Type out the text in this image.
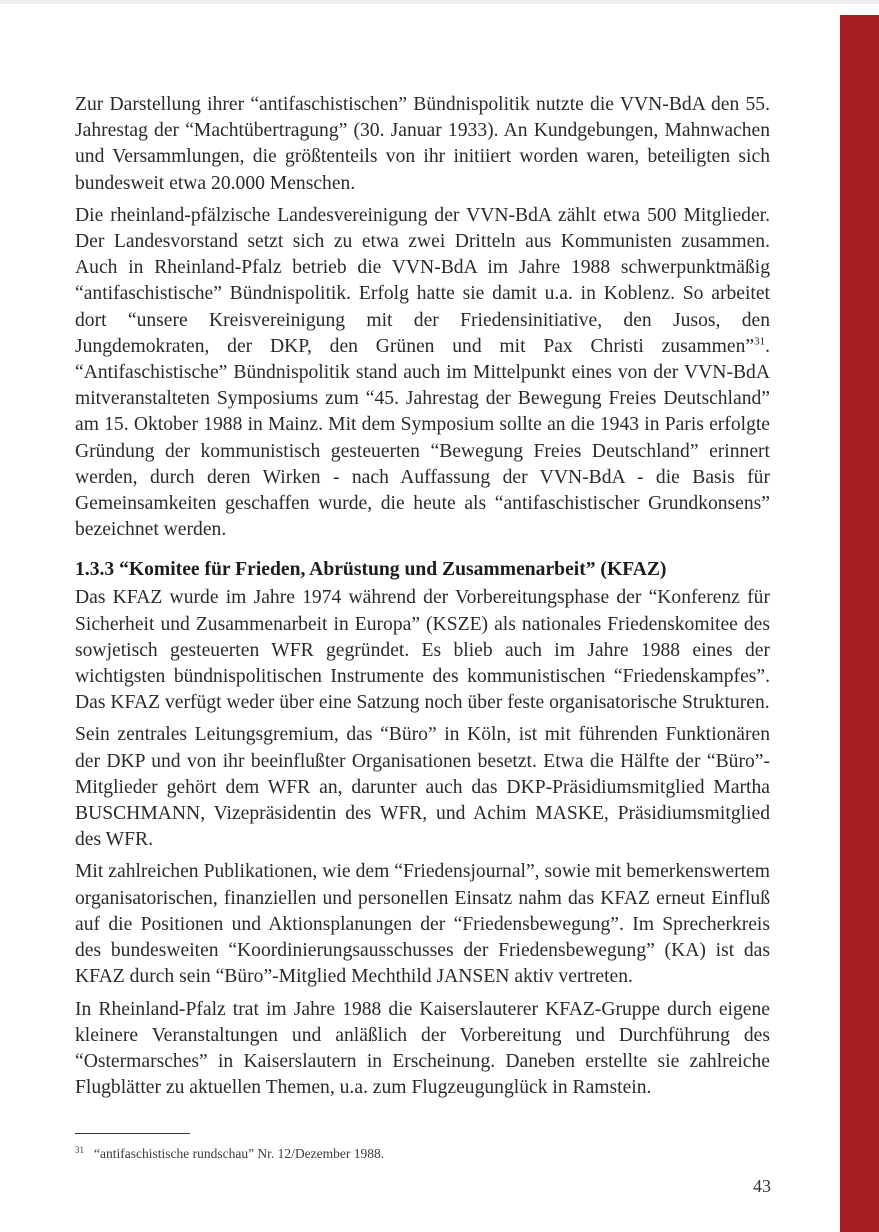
Zur Darstellung ihrer “antifaschistischen” Bündnispolitik nutzte die VVN-BdA den 55. Jahrestag der “Machtübertragung” (30. Januar 1933). An Kundgebungen, Mahnwachen und Versammlungen, die größtenteils von ihr initiiert worden waren, beteiligten sich bundesweit etwa 20.000 Menschen.

Die rheinland-pfälzische Landesvereinigung der VVN-BdA zählt etwa 500 Mitglieder. Der Landesvorstand setzt sich zu etwa zwei Dritteln aus Kommunisten zusammen. Auch in Rheinland-Pfalz betrieb die VVN-BdA im Jahre 1988 schwerpunktmäßig “antifaschistische” Bündnispolitik. Erfolg hatte sie damit u.a. in Koblenz. So arbeitet dort “unsere Kreisvereinigung mit der Friedensinitiative, den Jusos, den Jungdemokraten, der DKP, den Grünen und mit Pax Christi zusammen”$^{31}$. “Antifaschistische” Bündnispolitik stand auch im Mittelpunkt eines von der VVN-BdA mitveranstalteten Symposiums zum “45. Jahrestag der Bewegung Freies Deutschland” am 15. Oktober 1988 in Mainz. Mit dem Symposium sollte an die 1943 in Paris erfolgte Gründung der kommunistisch gesteuerten “Bewegung Freies Deutschland” erinnert werden, durch deren Wirken - nach Auffassung der VVN-BdA - die Basis für Gemeinsamkeiten geschaffen wurde, die heute als “antifaschistischer Grundkonsens” bezeichnet werden.

1.3.3 “Komitee für Frieden, Abrüstung und Zusammenarbeit” (KFAZ)

Das KFAZ wurde im Jahre 1974 während der Vorbereitungsphase der “Konferenz für Sicherheit und Zusammenarbeit in Europa” (KSZE) als nationales Friedenskomitee des sowjetisch gesteuerten WFR gegründet. Es blieb auch im Jahre 1988 eines der wichtigsten bündnispolitischen Instrumente des kommunistischen “Friedenskampfes”. Das KFAZ verfügt weder über eine Satzung noch über feste organisatorische Strukturen.

Sein zentrales Leitungsgremium, das “Büro” in Köln, ist mit führenden Funktionären der DKP und von ihr beeinflußter Organisationen besetzt. Etwa die Hälfte der “Büro”-Mitglieder gehört dem WFR an, darunter auch das DKP-Präsidiumsmitglied Martha BUSCHMANN, Vizepräsidentin des WFR, und Achim MASKE, Präsidiumsmitglied des WFR.

Mit zahlreichen Publikationen, wie dem “Friedensjournal”, sowie mit bemerkenswertem organisatorischen, finanziellen und personellen Einsatz nahm das KFAZ erneut Einfluß auf die Positionen und Aktionsplanungen der “Friedensbewegung”. Im Sprecherkreis des bundesweiten “Koordinierungsausschusses der Friedensbewegung” (KA) ist das KFAZ durch sein “Büro”-Mitglied Mechthild JANSEN aktiv vertreten.

In Rheinland-Pfalz trat im Jahre 1988 die Kaiserslauterer KFAZ-Gruppe durch eigene kleinere Veranstaltungen und anläßlich der Vorbereitung und Durchführung des “Ostermarsches” in Kaiserslautern in Erscheinung. Daneben erstellte sie zahlreiche Flugblätter zu aktuellen Themen, u.a. zum Flugzeugunglück in Ramstein.

$^{31}$ “antifaschistische rundschau” Nr. 12/Dezember 1988.
43
